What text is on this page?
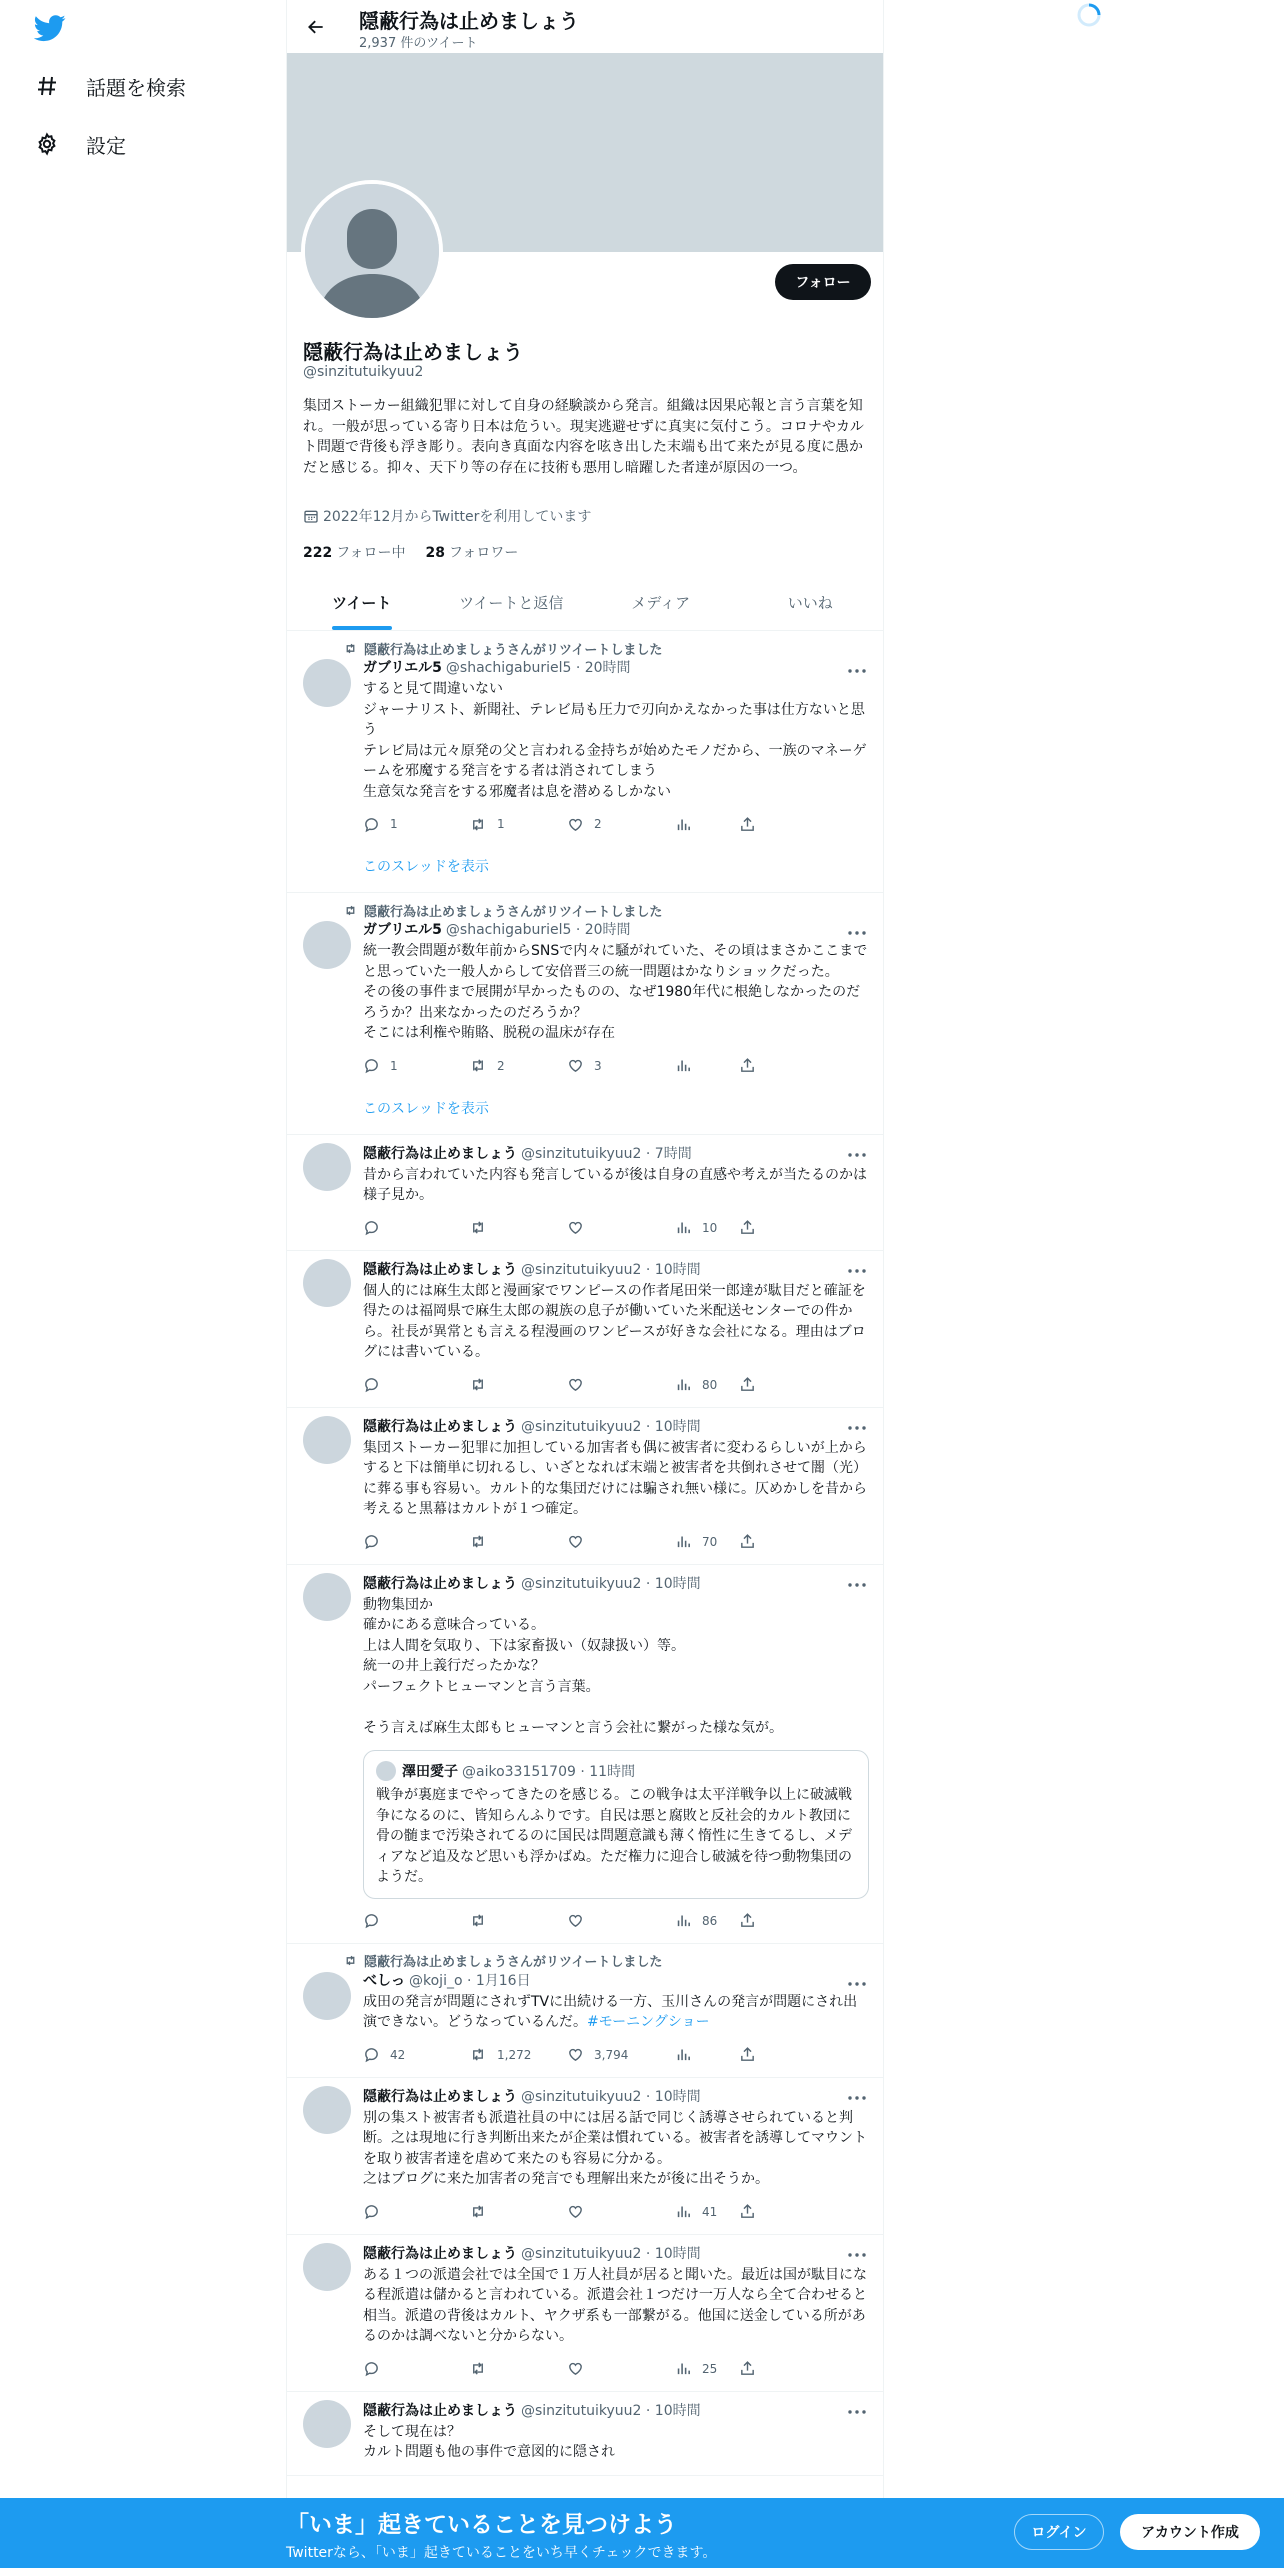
話題を検索
設定
隠蔽行為は止めましょう
2,937 件のツイート
フォロー
隠蔽行為は止めましょう
@sinzitutuikyuu2
集団ストーカー組織犯罪に対して自身の経験談から発言。組織は因果応報と言う言葉を知れ。一般が思っている寄り日本は危うい。現実逃避せずに真実に気付こう。コロナやカルト問題で背後も浮き彫り。表向き真面な内容を呟き出した末端も出て来たが見る度に愚かだと感じる。抑々、天下り等の存在に技術も悪用し暗躍した者達が原因の一つ。
2022年12月からTwitterを利用しています
222 フォロー中 28 フォロワー
ツイート	ツイートと返信	メディア	いいね
隠蔽行為は止めましょうさんがリツイートしました
ガブリエル5 @shachigaburiel5 · 20時間
すると見て間違いない
ジャーナリスト、新聞社、テレビ局も圧力で刃向かえなかった事は仕方ないと思う
テレビ局は元々原発の父と言われる金持ちが始めたモノだから、一族のマネーゲームを邪魔する発言をする者は消されてしまう
生意気な発言をする邪魔者は息を潜めるしかない
1	1	2
このスレッドを表示
隠蔽行為は止めましょうさんがリツイートしました
ガブリエル5 @shachigaburiel5 · 20時間
統一教会問題が数年前からSNSで内々に騒がれていた、その頃はまさかここまでと思っていた一般人からして安倍晋三の統一問題はかなりショックだった。
その後の事件まで展開が早かったものの、なぜ1980年代に根絶しなかったのだろうか？出来なかったのだろうか？
そこには利権や賄賂、脱税の温床が存在
1	2	3
このスレッドを表示
隠蔽行為は止めましょう @sinzitutuikyuu2 · 7時間
昔から言われていた内容も発言しているが後は自身の直感や考えが当たるのかは様子見か。
10
隠蔽行為は止めましょう @sinzitutuikyuu2 · 10時間
個人的には麻生太郎と漫画家でワンピースの作者尾田栄一郎達が駄目だと確証を得たのは福岡県で麻生太郎の親族の息子が働いていた米配送センターでの件から。社長が異常とも言える程漫画のワンピースが好きな会社になる。理由はブログには書いている。
80
隠蔽行為は止めましょう @sinzitutuikyuu2 · 10時間
集団ストーカー犯罪に加担している加害者も偶に被害者に変わるらしいが上からすると下は簡単に切れるし、いざとなれば末端と被害者を共倒れさせて闇（光）に葬る事も容易い。カルト的な集団だけには騙され無い様に。仄めかしを昔から考えると黒幕はカルトが１つ確定。
70
隠蔽行為は止めましょう @sinzitutuikyuu2 · 10時間
動物集団か
確かにある意味合っている。
上は人間を気取り、下は家畜扱い（奴隷扱い）等。
統一の井上義行だったかな？
パーフェクトヒューマンと言う言葉。

そう言えば麻生太郎もヒューマンと言う会社に繋がった様な気が。
澤田愛子 @aiko33151709 · 11時間
戦争が裏庭までやってきたのを感じる。この戦争は太平洋戦争以上に破滅戦争になるのに、皆知らんふりです。自民は悪と腐敗と反社会的カルト教団に骨の髄まで汚染されてるのに国民は問題意識も薄く惰性に生きてるし、メディアなど追及など思いも浮かばぬ。ただ権力に迎合し破滅を待つ動物集団のようだ。
86
隠蔽行為は止めましょうさんがリツイートしました
べしっ @koji_o · 1月16日
成田の発言が問題にされずTVに出続ける一方、玉川さんの発言が問題にされ出演できない。どうなっているんだ。#モーニングショー
42	1,272	3,794
隠蔽行為は止めましょう @sinzitutuikyuu2 · 10時間
別の集スト被害者も派遣社員の中には居る話で同じく誘導させられていると判断。之は現地に行き判断出来たが企業は慣れている。被害者を誘導してマウントを取り被害者達を虐めて来たのも容易に分かる。
之はブログに来た加害者の発言でも理解出来たが後に出そうか。
41
隠蔽行為は止めましょう @sinzitutuikyuu2 · 10時間
ある１つの派遣会社では全国で１万人社員が居ると聞いた。最近は国が駄目になる程派遣は儲かると言われている。派遣会社１つだけ一万人なら全て合わせると相当。派遣の背後はカルト、ヤクザ系も一部繋がる。他国に送金している所があるのかは調べないと分からない。
25
隠蔽行為は止めましょう @sinzitutuikyuu2 · 10時間
そして現在は？
カルト問題も他の事件で意図的に隠され
「いま」起きていることを見つけよう
Twitterなら、「いま」起きていることをいち早くチェックできます。
ログイン	アカウント作成
